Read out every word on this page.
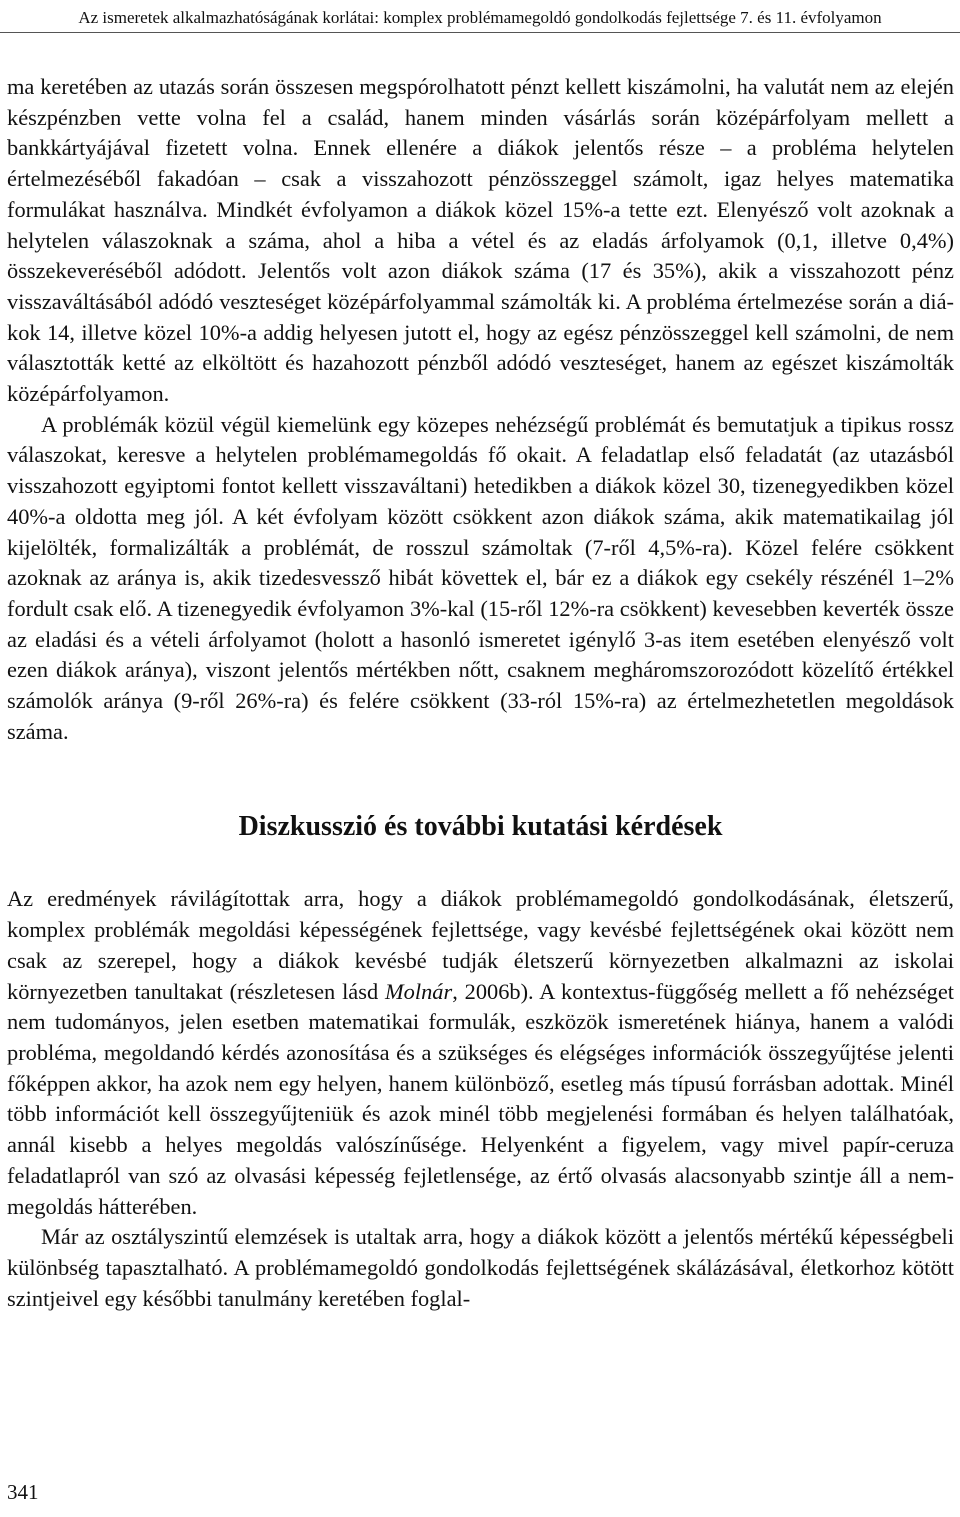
Az ismeretek alkalmazhatóságának korlátai: komplex problémamegoldó gondolkodás fejlettsége 7. és 11. évfolyamon

ma keretében az utazás során összesen megspórolhatott pénzt kellett kiszámolni, ha valutát nem az elején készpénzben vette volna fel a család, hanem minden vásárlás során középárfolyam mellett a bankkártyájával fizetett volna. Ennek ellenére a diákok jelentős része – a probléma helytelen értelmezéséből fakadóan – csak a visszahozott pénzösszeggel számolt, igaz helyes matematika formulákat használva. Mindkét évfolyamon a diákok közel 15%-a tette ezt. Elenyésző volt azoknak a helytelen válaszoknak a száma, ahol a hiba a vétel és az eladás árfolyamok (0,1, illetve 0,4%) összekeveréséből adódott. Jelentős volt azon diákok száma (17 és 35%), akik a visszahozott pénz visszaváltásából adódó veszteséget középárfolyammal számolták ki. A probléma értelmezése során a diákok 14, illetve közel 10%-a addig helyesen jutott el, hogy az egész pénzösszeggel kell számolni, de nem választották ketté az elköltött és hazahozott pénzből adódó veszteséget, hanem az egészet kiszámolták középárfolyamon.

A problémák közül végül kiemelünk egy közepes nehézségű problémát és bemutatjuk a tipikus rossz válaszokat, keresve a helytelen problémamegoldás fő okait. A feladatlap első feladatát (az utazásból visszahozott egyiptomi fontot kellett visszaváltani) hetedikben a diákok közel 30, tizenegyedikben közel 40%-a oldotta meg jól. A két évfolyam között csökkent azon diákok száma, akik matematikailag jól kijelölték, formalizálták a problémát, de rosszul számoltak (7-ről 4,5%-ra). Közel felére csökkent azoknak az aránya is, akik tizedesvessző hibát követtek el, bár ez a diákok egy csekély részénél 1–2% fordult csak elő. A tizenegyedik évfolyamon 3%-kal (15-ről 12%-ra csökkent) kevesebben keverték össze az eladási és a vételi árfolyamot (holott a hasonló ismeretet igénylő 3-as item esetében elenyésző volt ezen diákok aránya), viszont jelentős mértékben nőtt, csaknem megháromszorozódott közelítő értékkel számolók aránya (9-ről 26%-ra) és felére csökkent (33-ról 15%-ra) az értelmezhetetlen megoldások száma.

Diszkusszió és további kutatási kérdések

Az eredmények rávilágítottak arra, hogy a diákok problémamegoldó gondolkodásának, életszerű, komplex problémák megoldási képességének fejlettsége, vagy kevésbé fejlettségének okai között nem csak az szerepel, hogy a diákok kevésbé tudják életszerű környezetben alkalmazni az iskolai környezetben tanultakat (részletesen lásd Molnár, 2006b). A kontextus-függőség mellett a fő nehézséget nem tudományos, jelen esetben matematikai formulák, eszközök ismeretének hiánya, hanem a valódi probléma, megoldandó kérdés azonosítása és a szükséges és elégséges információk összegyűjtése jelenti főképpen akkor, ha azok nem egy helyen, hanem különböző, esetleg más típusú forrásban adottak. Minél több információt kell összegyűjteniük és azok minél több megjelenési formában és helyen találhatóak, annál kisebb a helyes megoldás valószínűsége. Helyenként a figyelem, vagy mivel papír-ceruza feladatlapról van szó az olvasási képesség fejletlensége, az értő olvasás alacsonyabb szintje áll a nem-megoldás hátterében.

Már az osztályszintű elemzések is utaltak arra, hogy a diákok között a jelentős mértékű képességbeli különbség tapasztalható. A problémamegoldó gondolkodás fejlettségének skálázásával, életkorhoz kötött szintjeivel egy későbbi tanulmány keretében foglal-

341
